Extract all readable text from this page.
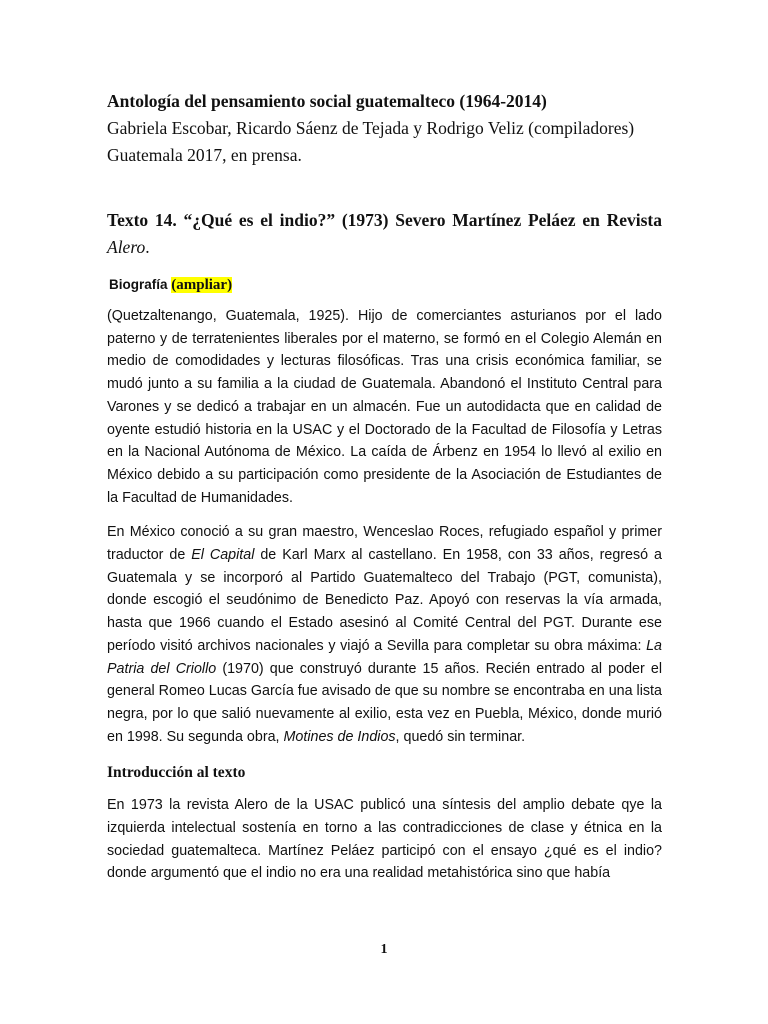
Antología del pensamiento social guatemalteco (1964-2014)
Gabriela Escobar, Ricardo Sáenz de Tejada y Rodrigo Veliz (compiladores)
Guatemala 2017, en prensa.
Texto 14. “¿Qué es el indio?” (1973) Severo Martínez Peláez en Revista Alero.
Biografía (ampliar)

(Quetzaltenango, Guatemala, 1925). Hijo de comerciantes asturianos por el lado paterno y de terratenientes liberales por el materno, se formó en el Colegio Alemán en medio de comodidades y lecturas filosóficas. Tras una crisis económica familiar, se mudó junto a su familia a la ciudad de Guatemala. Abandonó el Instituto Central para Varones y se dedicó a trabajar en un almacén. Fue un autodidacta que en calidad de oyente estudió historia en la USAC y el Doctorado de la Facultad de Filosofía y Letras en la Nacional Autónoma de México. La caída de Árbenz en 1954 lo llevó al exilio en México debido a su participación como presidente de la Asociación de Estudiantes de la Facultad de Humanidades.

En México conoció a su gran maestro, Wenceslao Roces, refugiado español y primer traductor de El Capital de Karl Marx al castellano. En 1958, con 33 años, regresó a Guatemala y se incorporó al Partido Guatemalteco del Trabajo (PGT, comunista), donde escogió el seudónimo de Benedicto Paz. Apoyó con reservas la vía armada, hasta que 1966 cuando el Estado asesinó al Comité Central del PGT. Durante ese período visitó archivos nacionales y viajó a Sevilla para completar su obra máxima: La Patria del Criollo (1970) que construyó durante 15 años. Recién entrado al poder el general Romeo Lucas García fue avisado de que su nombre se encontraba en una lista negra, por lo que salió nuevamente al exilio, esta vez en Puebla, México, donde murió en 1998. Su segunda obra, Motines de Indios, quedó sin terminar.

Introducción al texto

En 1973 la revista Alero de la USAC publicó una síntesis del amplio debate qye la izquierda intelectual sostenía en torno a las contradicciones de clase y étnica en la sociedad guatemalteca. Martínez Peláez participó con el ensayo ¿qué es el indio? donde argumentó que el indio no era una realidad metahistórica sino que había

1
